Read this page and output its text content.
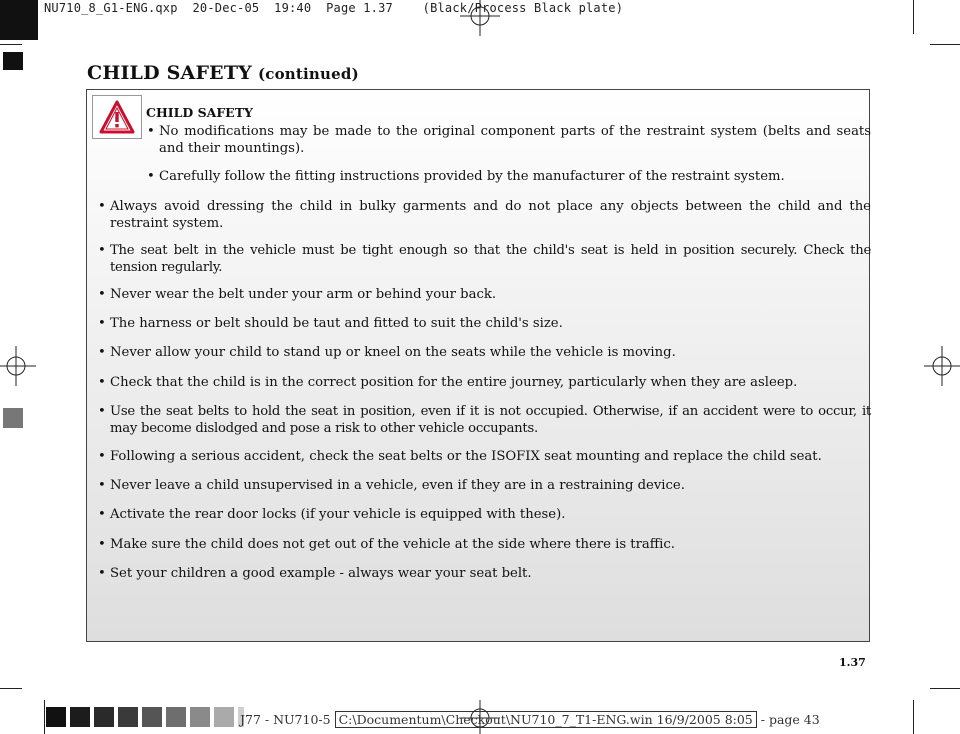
NU710_8_G1-ENG.qxp  20-Dec-05  19:40  Page 1.37    (Black/Process Black plate)
CHILD SAFETY (continued)
CHILD SAFETY
• No modifications may be made to the original component parts of the restraint system (belts and seats and their mountings).
• Carefully follow the fitting instructions provided by the manufacturer of the restraint system.
• Always avoid dressing the child in bulky garments and do not place any objects between the child and the restraint system.
• The seat belt in the vehicle must be tight enough so that the child's seat is held in position securely. Check the tension regularly.
• Never wear the belt under your arm or behind your back.
• The harness or belt should be taut and fitted to suit the child's size.
• Never allow your child to stand up or kneel on the seats while the vehicle is moving.
• Check that the child is in the correct position for the entire journey, particularly when they are asleep.
• Use the seat belts to hold the seat in position, even if it is not occupied. Otherwise, if an accident were to occur, it may become dislodged and pose a risk to other vehicle occupants.
• Following a serious accident, check the seat belts or the ISOFIX seat mounting and replace the child seat.
• Never leave a child unsupervised in a vehicle, even if they are in a restraining device.
• Activate the rear door locks (if your vehicle is equipped with these).
• Make sure the child does not get out of the vehicle at the side where there is traffic.
• Set your children a good example - always wear your seat belt.
1.37
J77 - NU710-5 C:\Documentum\Checkout\NU710_7_T1-ENG.win 16/9/2005 8:05 - page 43
